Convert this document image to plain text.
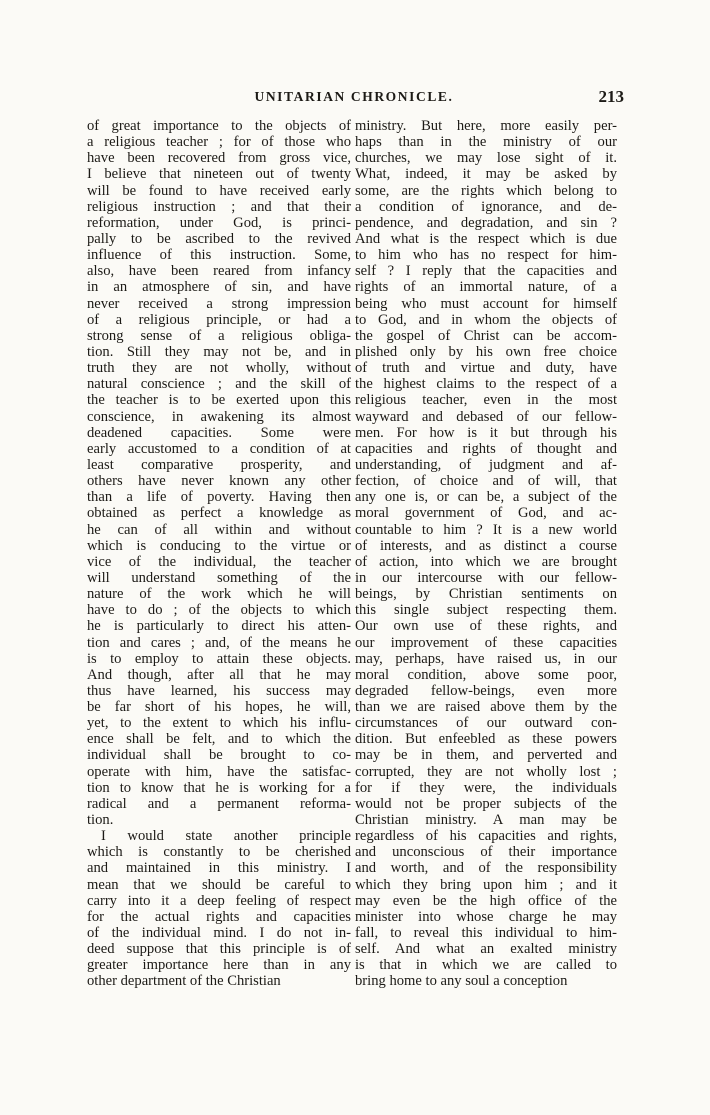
UNITARIAN CHRONICLE.	213
of great importance to the objects of
a religious teacher ; for of those who
have been recovered from gross vice,
I believe that nineteen out of twenty
will be found to have received early
religious instruction ; and that their
reformation, under God, is princi-
pally to be ascribed to the revived
influence of this instruction. Some,
also, have been reared from infancy
in an atmosphere of sin, and have
never received a strong impression
of a religious principle, or had a
strong sense of a religious obliga-
tion. Still they may not be, and in
truth they are not wholly, without
natural conscience ; and the skill of
the teacher is to be exerted upon this
conscience, in awakening its almost
deadened capacities. Some were
early accustomed to a condition of at
least comparative prosperity, and
others have never known any other
than a life of poverty. Having then
obtained as perfect a knowledge as
he can of all within and without
which is conducing to the virtue or
vice of the individual, the teacher
will understand something of the
nature of the work which he will
have to do ; of the objects to which
he is particularly to direct his atten-
tion and cares ; and, of the means he
is to employ to attain these objects.
And though, after all that he may
thus have learned, his success may
be far short of his hopes, he will,
yet, to the extent to which his influ-
ence shall be felt, and to which the
individual shall be brought to co-
operate with him, have the satisfac-
tion to know that he is working for a
radical and a permanent reforma-
tion.
I would state another principle
which is constantly to be cherished
and maintained in this ministry. I
mean that we should be careful to
carry into it a deep feeling of respect
for the actual rights and capacities
of the individual mind. I do not in-
deed suppose that this principle is of
greater importance here than in any
other department of the Christian
ministry. But here, more easily per-
haps than in the ministry of our
churches, we may lose sight of it.
What, indeed, it may be asked by
some, are the rights which belong to
a condition of ignorance, and de-
pendence, and degradation, and sin ?
And what is the respect which is due
to him who has no respect for him-
self ? I reply that the capacities and
rights of an immortal nature, of a
being who must account for himself
to God, and in whom the objects of
the gospel of Christ can be accom-
plished only by his own free choice
of truth and virtue and duty, have
the highest claims to the respect of a
religious teacher, even in the most
wayward and debased of our fellow-
men. For how is it but through his
capacities and rights of thought and
understanding, of judgment and af-
fection, of choice and of will, that
any one is, or can be, a subject of the
moral government of God, and ac-
countable to him ? It is a new world
of interests, and as distinct a course
of action, into which we are brought
in our intercourse with our fellow-
beings, by Christian sentiments on
this single subject respecting them.
Our own use of these rights, and
our improvement of these capacities
may, perhaps, have raised us, in our
moral condition, above some poor,
degraded fellow-beings, even more
than we are raised above them by the
circumstances of our outward con-
dition. But enfeebled as these powers
may be in them, and perverted and
corrupted, they are not wholly lost ;
for if they were, the individuals
would not be proper subjects of the
Christian ministry. A man may be
regardless of his capacities and rights,
and unconscious of their importance
and worth, and of the responsibility
which they bring upon him ; and it
may even be the high office of the
minister into whose charge he may
fall, to reveal this individual to him-
self. And what an exalted ministry
is that in which we are called to
bring home to any soul a conception
